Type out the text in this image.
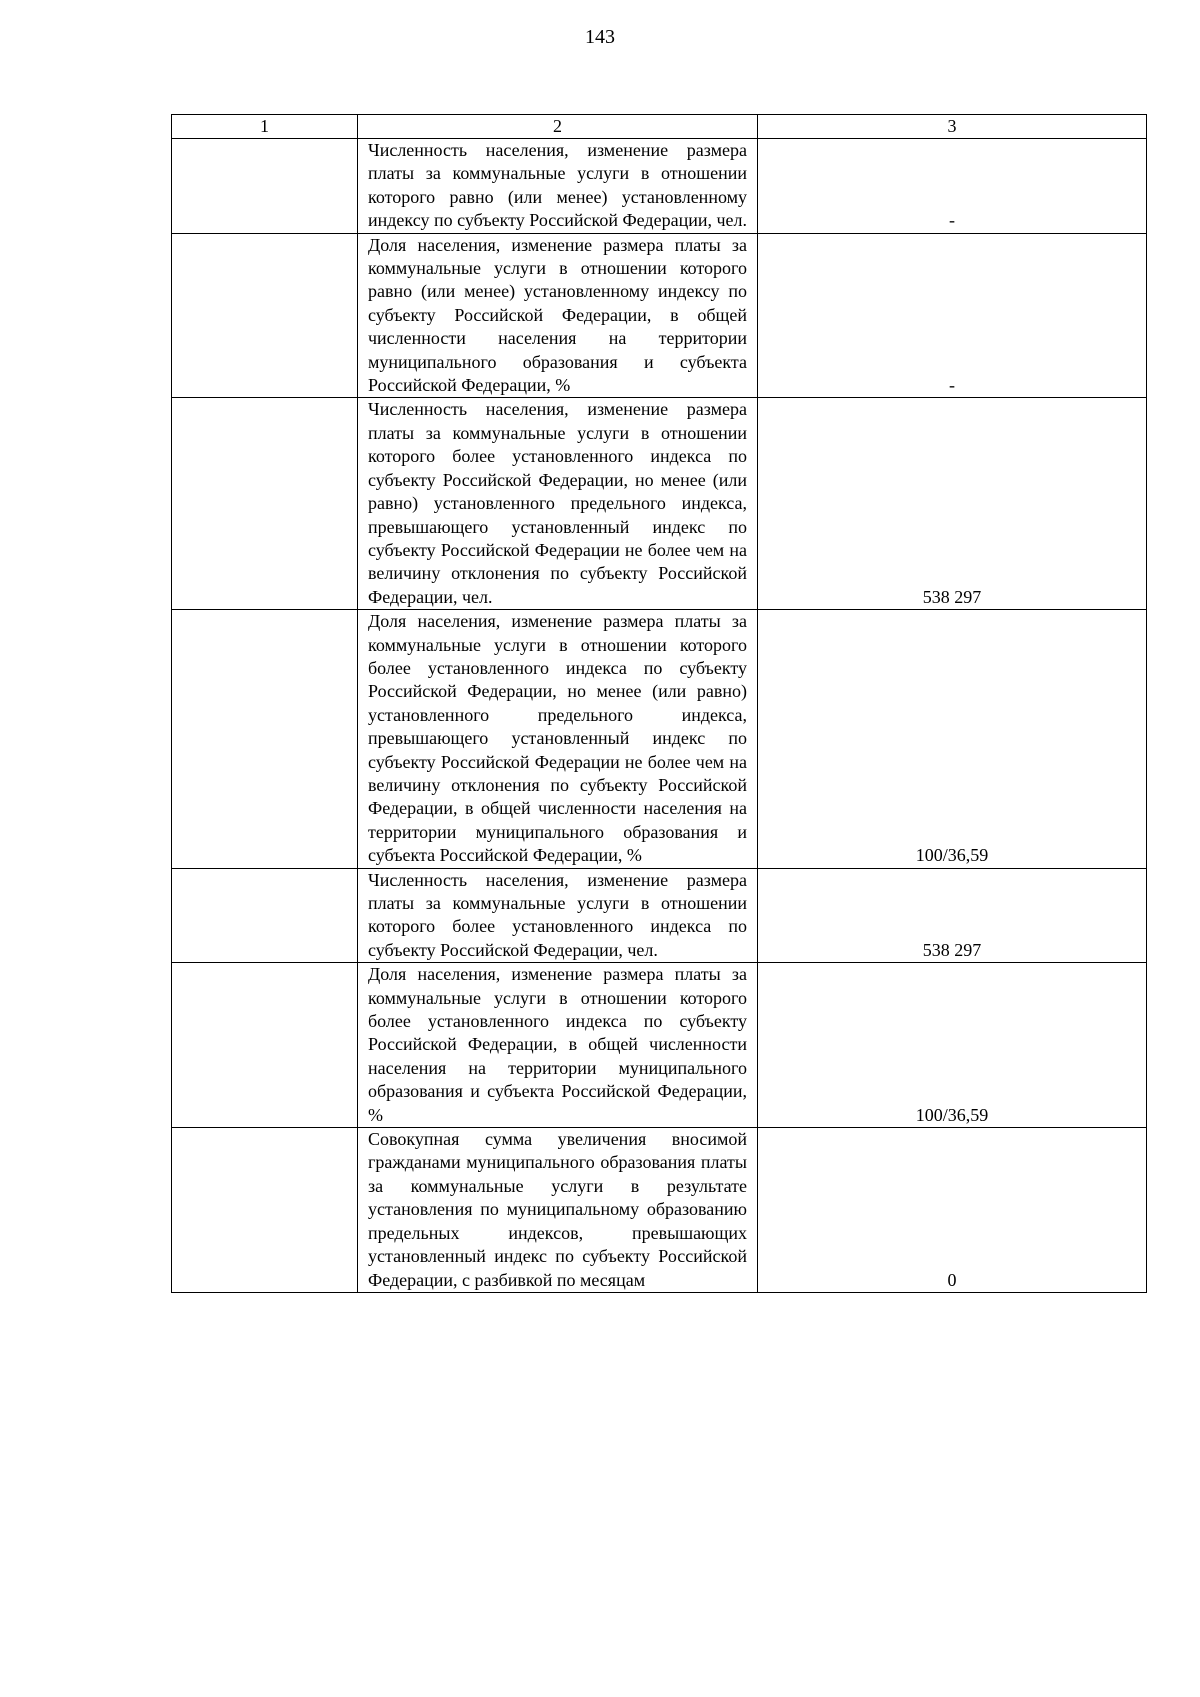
143
1	2	3
	Численность населения, изменение размера платы за коммунальные услуги в отношении которого равно (или менее) установленному индексу по субъекту Российской Федерации, чел.	-
	Доля населения, изменение размера платы за коммунальные услуги в отношении которого равно (или менее) установленному индексу по субъекту Российской Федерации, в общей численности населения на территории муниципального образования и субъекта Российской Федерации, %	-
	Численность населения, изменение размера платы за коммунальные услуги в отношении которого более установленного индекса по субъекту Российской Федерации, но менее (или равно) установленного предельного индекса, превышающего установленный индекс по субъекту Российской Федерации не более чем на величину отклонения по субъекту Российской Федерации, чел.	538 297
	Доля населения, изменение размера платы за коммунальные услуги в отношении которого более установленного индекса по субъекту Российской Федерации, но менее (или равно) установленного предельного индекса, превышающего установленный индекс по субъекту Российской Федерации не более чем на величину отклонения по субъекту Российской Федерации, в общей численности населения на территории муниципального образования и субъекта Российской Федерации, %	100/36,59
	Численность населения, изменение размера платы за коммунальные услуги в отношении которого более установленного индекса по субъекту Российской Федерации, чел.	538 297
	Доля населения, изменение размера платы за коммунальные услуги в отношении которого более установленного индекса по субъекту Российской Федерации, в общей численности населения на территории муниципального образования и субъекта Российской Федерации, %	100/36,59
	Совокупная сумма увеличения вносимой гражданами муниципального образования платы за коммунальные услуги в результате установления по муниципальному образованию предельных индексов, превышающих установленный индекс по субъекту Российской Федерации, с разбивкой по месяцам	0
